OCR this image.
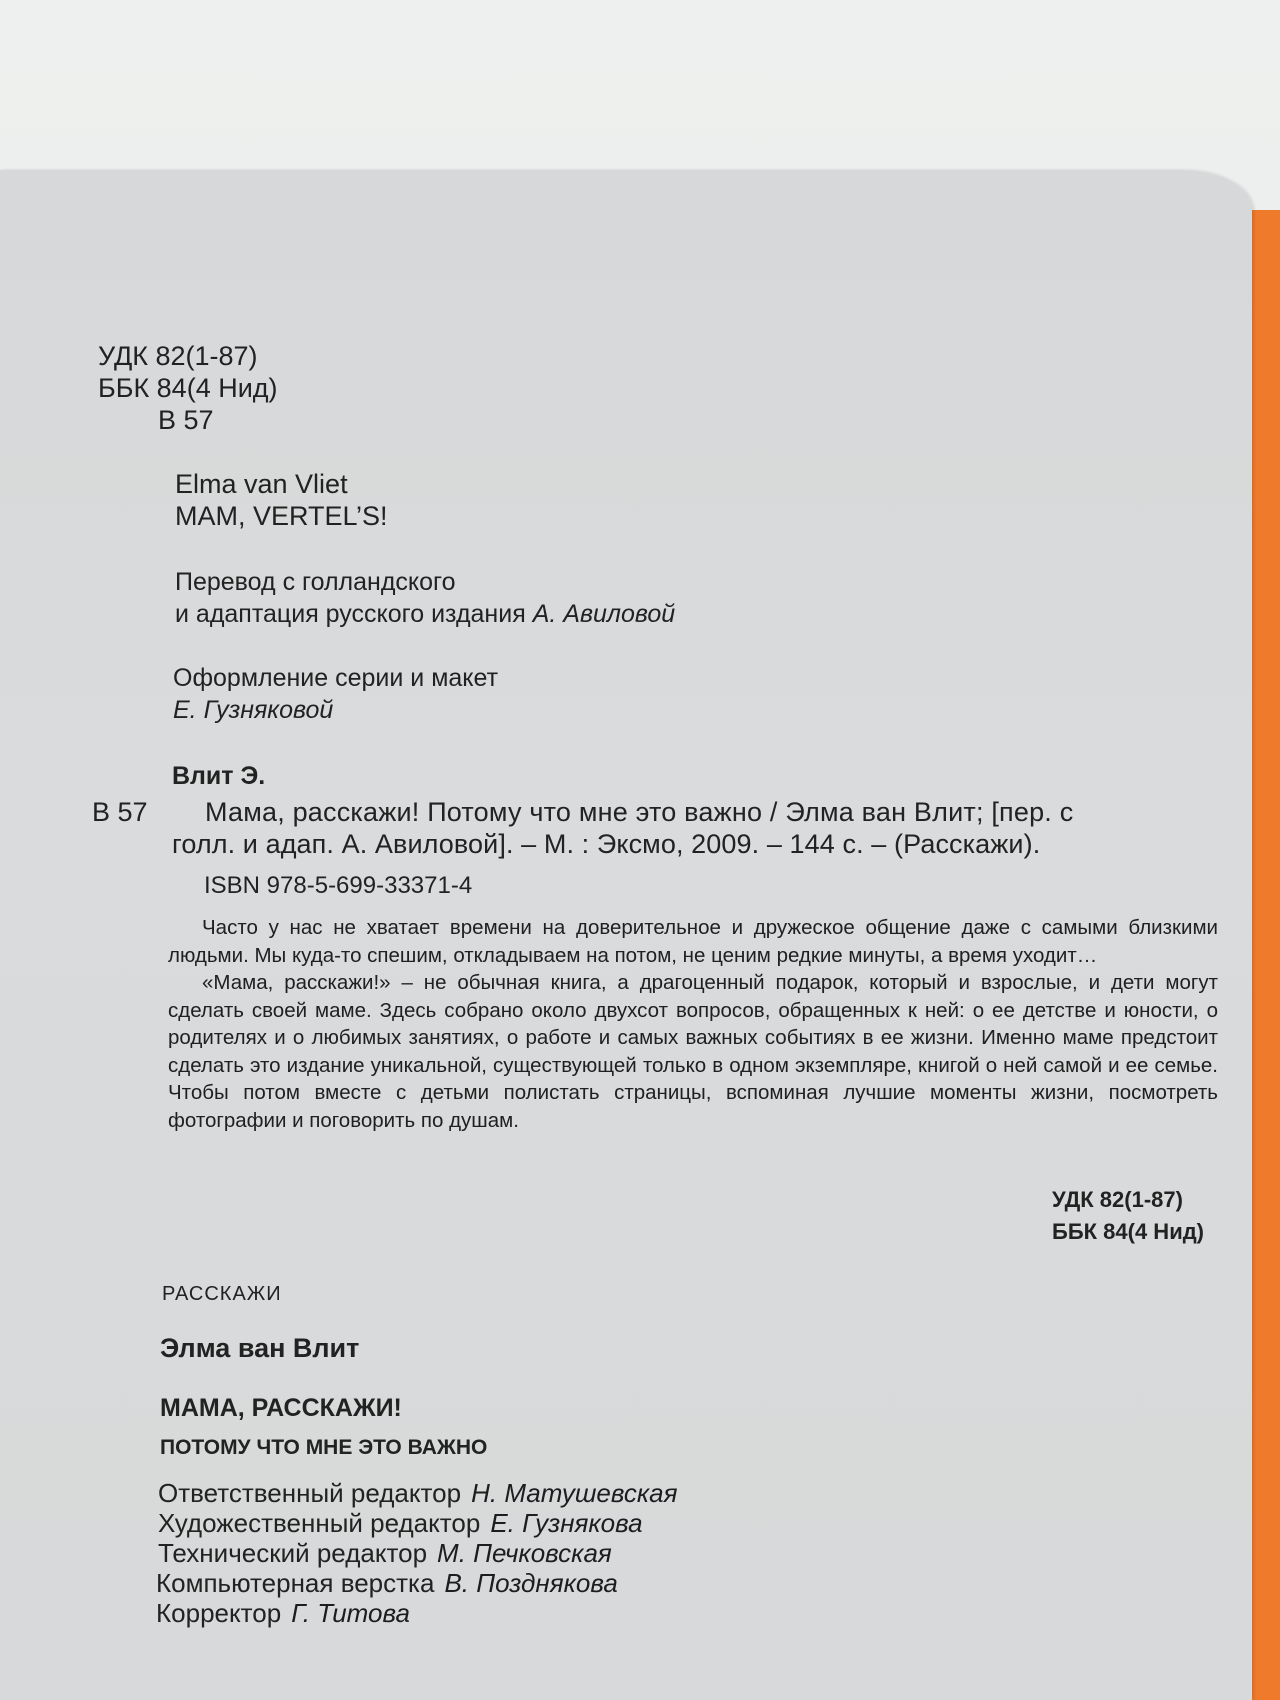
УДК 82(1-87)
ББК 84(4 Нид)
В 57
Elma van Vliet
MAM, VERTEL’S!
Перевод с голландского
и адаптация русского издания А. Авиловой
Оформление серии и макет
Е. Гузняковой
Влит Э.
В 57 Мама, расскажи! Потому что мне это важно / Элма ван Влит; [пер. с
голл. и адап. А. Авиловой]. – М. : Эксмо, 2009. – 144 с. – (Расскажи).
ISBN 978-5-699-33371-4

Часто у нас не хватает времени на доверительное и дружеское общение даже с самыми близкими людьми. Мы куда-то спешим, откладываем на потом, не ценим редкие минуты, а время уходит…

«Мама, расскажи!» – не обычная книга, а драгоценный подарок, который и взрослые, и дети могут сделать своей маме. Здесь собрано около двухсот вопросов, обращенных к ней: о ее детстве и юности, о родителях и о любимых занятиях, о работе и самых важных событиях в ее жизни. Именно маме предстоит сделать это издание уникальной, существующей только в одном экземпляре, книгой о ней самой и ее семье. Чтобы потом вместе с детьми полистать страницы, вспоминая лучшие моменты жизни, посмотреть фотографии и поговорить по душам.

УДК 82(1-87)
ББК 84(4 Нид)
РАССКАЖИ
Элма ван Влит
МАМА, РАССКАЖИ!
ПОТОМУ ЧТО МНЕ ЭТО ВАЖНО
Ответственный редактор Н. Матушевская
Художественный редактор Е. Гузнякова
Технический редактор М. Печковская
Компьютерная верстка В. Позднякова
Корректор Г. Титова
